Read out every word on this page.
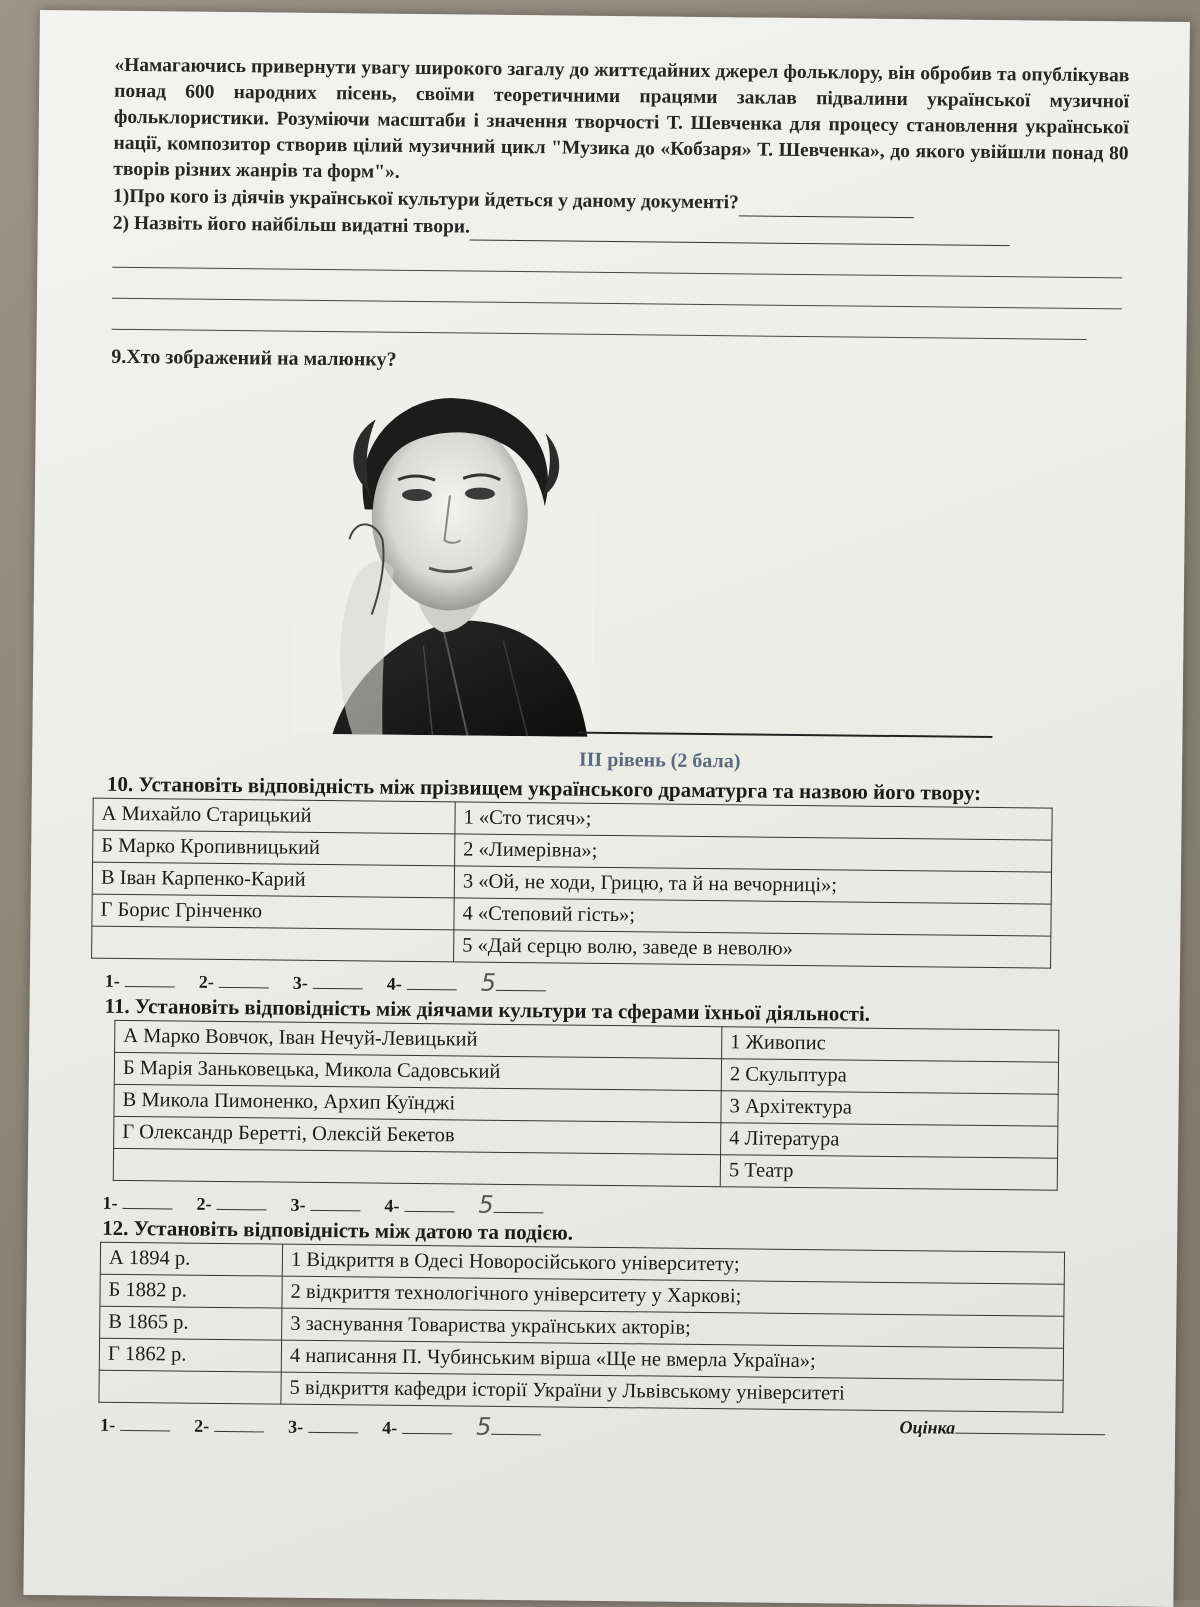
«Намагаючись привернути увагу широкого загалу до життєдайних джерел фольклору, він обробив та опублікував понад 600 народних пісень, своїми теоретичними працями заклав підвалини української музичної фольклористики. Розуміючи масштаби і значення творчості Т. Шевченка для процесу становлення української нації, композитор створив цілий музичний цикл "Музика до «Кобзаря» Т. Шевченка», до якого увійшли понад 80 творів різних жанрів та форм"».
1)Про кого із діячів української культури йдеться у даному документі?
2) Назвіть його найбільш видатні твори.
9.Хто зображений на малюнку?
III рівень (2 бала)
10. Установіть відповідність між прізвищем українського драматурга та назвою його твору:
А Михайло Старицький	1 «Сто тисяч»;
Б Марко Кропивницький	2 «Лимерівна»;
В Іван Карпенко-Карий	3 «Ой, не ходи, Грицю, та й на вечорниці»;
Г Борис Грінченко	4 «Степовий гість»;
	5 «Дай серцю волю, заведе в неволю»
1-	2-	3-	4-	5
11. Установіть відповідність між діячами культури та сферами їхньої діяльності.
А Марко Вовчок, Іван Нечуй-Левицький	1 Живопис
Б Марія Заньковецька, Микола Садовський	2 Скульптура
В Микола Пимоненко, Архип Куїнджі	3 Архітектура
Г Олександр Беретті, Олексій Бекетов	4 Література
	5 Театр
1-	2-	3-	4-	5
12. Установіть відповідність між датою та подією.
А 1894 р.	1 Відкриття в Одесі Новоросійського університету;
Б 1882 р.	2 відкриття технологічного університету у Харкові;
В 1865 р.	3 заснування Товариства українських акторів;
Г 1862 р.	4 написання П. Чубинським вірша «Ще не вмерла Україна»;
	5 відкриття кафедри історії України у Львівському університеті
1-	2-	3-	4-	5	Оцінка
